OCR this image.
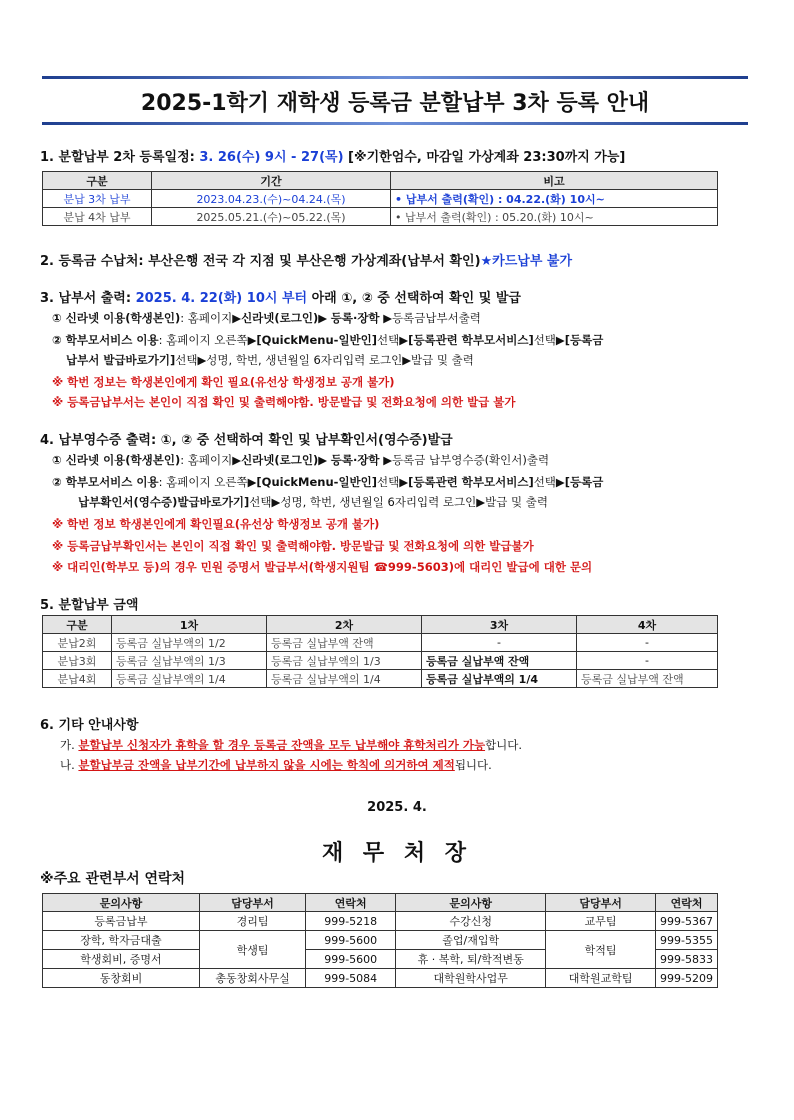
2025-1학기 재학생 등록금 분할납부 3차 등록 안내
1. 분할납부 2차 등록일정: 3. 26(수) 9시 - 27(목) [※기한엄수, 마감일 가상계좌 23:30까지 가능]
구분	기간	비고
분납 3차 납부	2023.04.23.(수)~04.24.(목)	• 납부서 출력(확인) : 04.22.(화) 10시~
분납 4차 납부	2025.05.21.(수)~05.22.(목)	• 납부서 출력(확인) : 05.20.(화) 10시~
2. 등록금 수납처: 부산은행 전국 각 지점 및 부산은행 가상계좌(납부서 확인)★카드납부 불가
3. 납부서 출력: 2025. 4. 22(화) 10시 부터 아래 ①, ② 중 선택하여 확인 및 발급
① 신라넷 이용(학생본인): 홈페이지▶신라넷(로그인)▶ 등록·장학 ▶등록금납부서출력
② 학부모서비스 이용: 홈페이지 오른쪽▶[QuickMenu-일반인]선택▶[등록관련 학부모서비스]선택▶[등록금
납부서 발급바로가기]선택▶성명, 학번, 생년월일 6자리입력 로그인▶발급 및 출력
※ 학번 정보는 학생본인에게 확인 필요(유선상 학생정보 공개 불가)
※ 등록금납부서는 본인이 직접 확인 및 출력해야함. 방문발급 및 전화요청에 의한 발급 불가
4. 납부영수증 출력: ①, ② 중 선택하여 확인 및 납부확인서(영수증)발급
① 신라넷 이용(학생본인): 홈페이지▶신라넷(로그인)▶ 등록·장학 ▶등록금 납부영수증(확인서)출력
② 학부모서비스 이용: 홈페이지 오른쪽▶[QuickMenu-일반인]선택▶[등록관련 학부모서비스]선택▶[등록금
납부확인서(영수증)발급바로가기]선택▶성명, 학번, 생년월일 6자리입력 로그인▶발급 및 출력
※ 학번 정보 학생본인에게 확인필요(유선상 학생정보 공개 불가)
※ 등록금납부확인서는 본인이 직접 확인 및 출력해야함. 방문발급 및 전화요청에 의한 발급불가
※ 대리인(학부모 등)의 경우 민원 증명서 발급부서(학생지원팀 ☎999-5603)에 대리인 발급에 대한 문의
5. 분할납부 금액
구분	1차	2차	3차	4차
분납2회	등록금 실납부액의 1/2	등록금 실납부액 잔액	-	-
분납3회	등록금 실납부액의 1/3	등록금 실납부액의 1/3	등록금 실납부액 잔액	-
분납4회	등록금 실납부액의 1/4	등록금 실납부액의 1/4	등록금 실납부액의 1/4	등록금 실납부액 잔액
6. 기타 안내사항
가. 분할납부 신청자가 휴학을 할 경우 등록금 잔액을 모두 납부해야 휴학처리가 가능합니다.
나. 분할납부금 잔액을 납부기간에 납부하지 않을 시에는 학칙에 의거하여 제적됩니다.
2025. 4.
재 무 처 장
※주요 관련부서 연락처
문의사항	담당부서	연락처	문의사항	담당부서	연락처
등록금납부	경리팀	999-5218	수강신청	교무팀	999-5367
장학, 학자금대출	학생팀	999-5600	졸업/재입학	학적팀	999-5355
학생회비, 증명서		999-5600	휴 · 복학, 퇴/학적변동		999-5833
동창회비	총동창회사무실	999-5084	대학원학사업무	대학원교학팀	999-5209
